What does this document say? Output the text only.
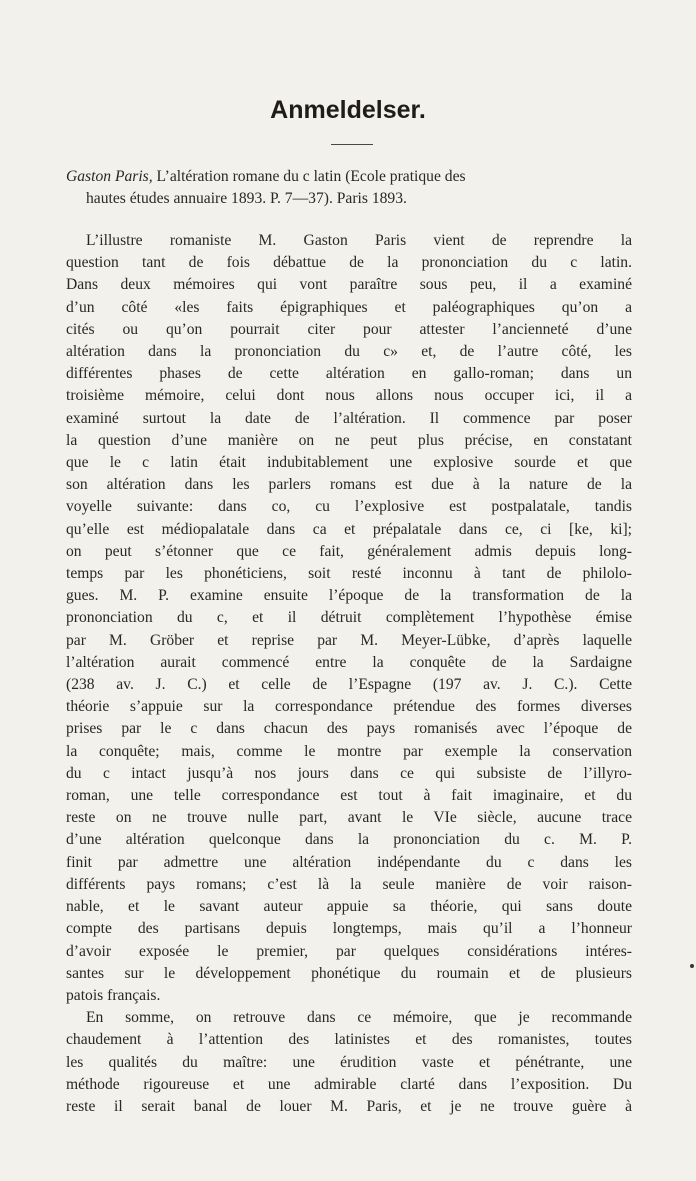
Anmeldelser.
Gaston Paris, L’altération romane du c latin (Ecole pratique des
hautes études annuaire 1893. P. 7—37). Paris 1893.
L’illustre romaniste M. Gaston Paris vient de reprendre la
question tant de fois débattue de la prononciation du c latin.
Dans deux mémoires qui vont paraître sous peu, il a examiné
d’un côté «les faits épigraphiques et paléographiques qu’on a
cités ou qu’on pourrait citer pour attester l’ancienneté d’une
altération dans la prononciation du c» et, de l’autre côté, les
différentes phases de cette altération en gallo-roman; dans un
troisième mémoire, celui dont nous allons nous occuper ici, il a
examiné surtout la date de l’altération. Il commence par poser
la question d’une manière on ne peut plus précise, en constatant
que le c latin était indubitablement une explosive sourde et que
son altération dans les parlers romans est due à la nature de la
voyelle suivante: dans co, cu l’explosive est postpalatale, tandis
qu’elle est médiopalatale dans ca et prépalatale dans ce, ci [ke, ki];
on peut s’étonner que ce fait, généralement admis depuis long-
temps par les phonéticiens, soit resté inconnu à tant de philolo-
gues. M. P. examine ensuite l’époque de la transformation de la
prononciation du c, et il détruit complètement l’hypothèse émise
par M. Gröber et reprise par M. Meyer-Lübke, d’après laquelle
l’altération aurait commencé entre la conquête de la Sardaigne
(238 av. J. C.) et celle de l’Espagne (197 av. J. C.). Cette
théorie s’appuie sur la correspondance prétendue des formes diverses
prises par le c dans chacun des pays romanisés avec l’époque de
la conquête; mais, comme le montre par exemple la conservation
du c intact jusqu’à nos jours dans ce qui subsiste de l’illyro-
roman, une telle correspondance est tout à fait imaginaire, et du
reste on ne trouve nulle part, avant le VIe siècle, aucune trace
d’une altération quelconque dans la prononciation du c. M. P.
finit par admettre une altération indépendante du c dans les
différents pays romans; c’est là la seule manière de voir raison-
nable, et le savant auteur appuie sa théorie, qui sans doute
compte des partisans depuis longtemps, mais qu’il a l’honneur
d’avoir exposée le premier, par quelques considérations intéres-
santes sur le développement phonétique du roumain et de plusieurs
patois français.
En somme, on retrouve dans ce mémoire, que je recommande
chaudement à l’attention des latinistes et des romanistes, toutes
les qualités du maître: une érudition vaste et pénétrante, une
méthode rigoureuse et une admirable clarté dans l’exposition. Du
reste il serait banal de louer M. Paris, et je ne trouve guère à
